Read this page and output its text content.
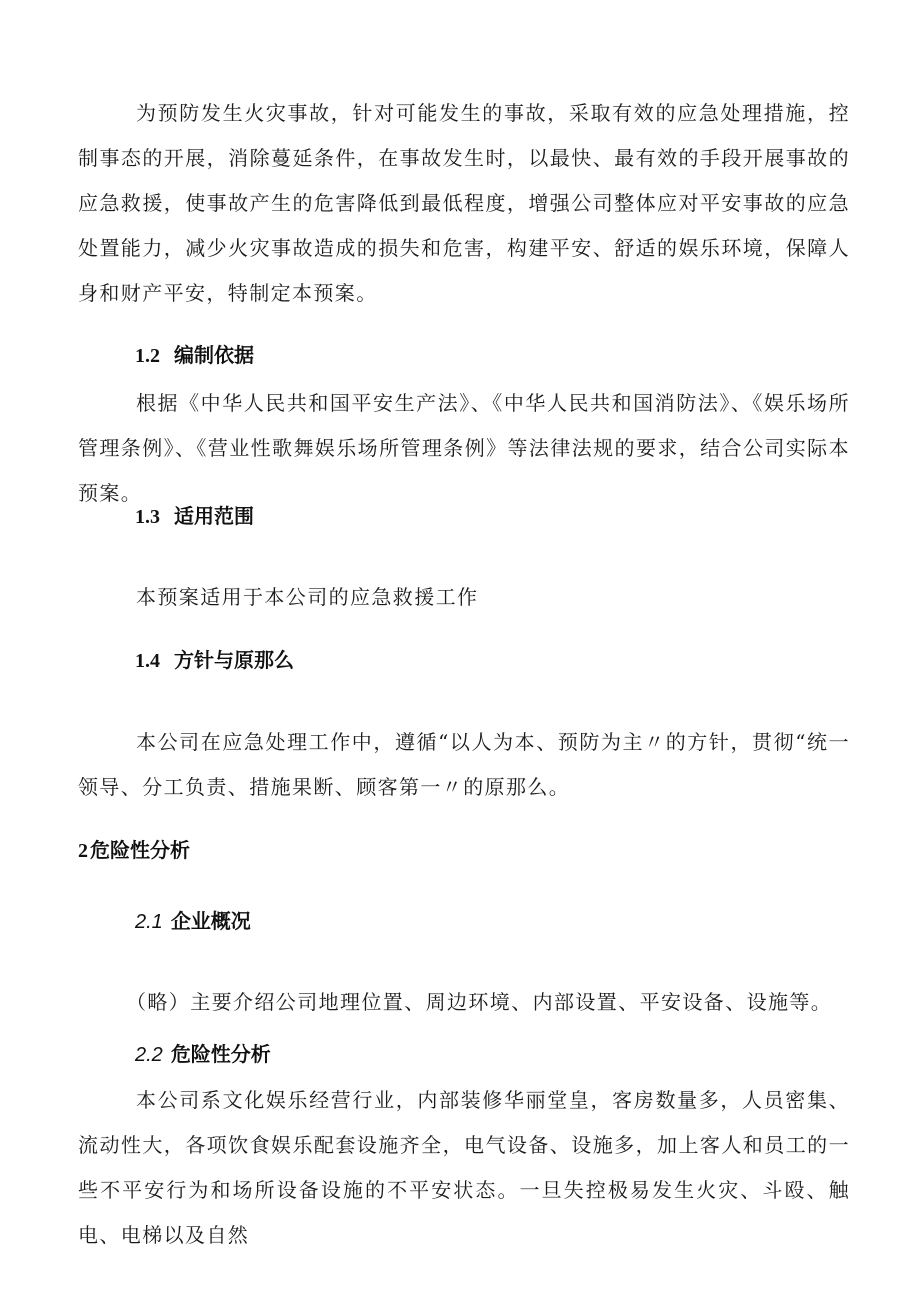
为预防发生火灾事故，针对可能发生的事故，采取有效的应急处理措施，控制事态的开展，消除蔓延条件，在事故发生时，以最快、最有效的手段开展事故的应急救援，使事故产生的危害降低到最低程度，增强公司整体应对平安事故的应急处置能力，减少火灾事故造成的损失和危害，构建平安、舒适的娱乐环境，保障人身和财产平安，特制定本预案。

1.2 编制依据

根据《中华人民共和国平安生产法》、《中华人民共和国消防法》、《娱乐场所管理条例》、《营业性歌舞娱乐场所管理条例》等法律法规的要求，结合公司实际本预案。

1.3 适用范围

本预案适用于本公司的应急救援工作

1.4 方针与原那么

本公司在应急处理工作中，遵循“以人为本、预防为主〃的方针，贯彻“统一领导、分工负责、措施果断、顾客第一〃的原那么。

2 危险性分析
2.1 企业概况

（略）主要介绍公司地理位置、周边环境、内部设置、平安设备、设施等。

2.2 危险性分析

本公司系文化娱乐经营行业，内部装修华丽堂皇，客房数量多，人员密集、流动性大，各项饮食娱乐配套设施齐全，电气设备、设施多，加上客人和员工的一些不平安行为和场所设备设施的不平安状态。一旦失控极易发生火灾、斗殴、触电、电梯以及自然
